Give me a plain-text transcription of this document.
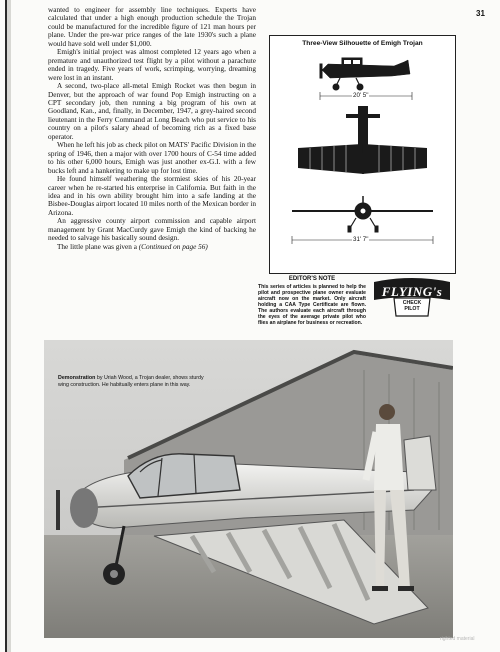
31

wanted to engineer for assembly line techniques. Experts have calculated that under a high enough production schedule the Trojan could be manufactured for the incredible figure of 121 man hours per plane. Under the pre-war price ranges of the late 1930's such a plane would have sold well under $1,000.

Emigh's initial project was almost completed 12 years ago when a premature and unauthorized test flight by a pilot without a parachute ended in tragedy. Five years of work, scrimping, worrying, dreaming were lost in an instant.

A second, two-place all-metal Emigh Rocket was then begun in Denver, but the approach of war found Pop Emigh instructing on a CPT secondary job, then running a big program of his own at Goodland, Kan., and, finally, in December, 1947, a grey-haired second lieutenant in the Ferry Command at Long Beach who put service to his country on a pilot's salary ahead of becoming rich as a fixed base operator.

When he left his job as check pilot on MATS' Pacific Division in the spring of 1946, then a major with over 1700 hours of C-54 time added to his other 6,000 hours, Emigh was just another ex-G.I. with a few bucks left and a hankering to make up for lost time.

He found himself weathering the stormiest skies of his 20-year career when he re-started his enterprise in California. But faith in the idea and in his own ability brought him into a safe landing at the Bisbee-Douglas airport located 10 miles north of the Mexican border in Arizona.

An aggressive county airport commission and capable airport management by Grant MacCurdy gave Emigh the kind of backing he needed to salvage his basically sound design.

The little plane was given a (Continued on page 56)

Three-View Silhouette of Emigh Trojan
20' 5"
31' 7"
EDITOR'S NOTE
This series of articles is planned to help the pilot and prospective plane owner evaluate aircraft now on the market. Only aircraft holding a CAA Type Certificate are flown. The authors evaluate each aircraft through the eyes of the average private pilot who flies an airplane for business or recreation.
FLYING's
CHECK
PILOT
Demonstration by Uriah Wood, a Trojan dealer, shows sturdy wing construction. He habitually enters plane in this way.
righted material
